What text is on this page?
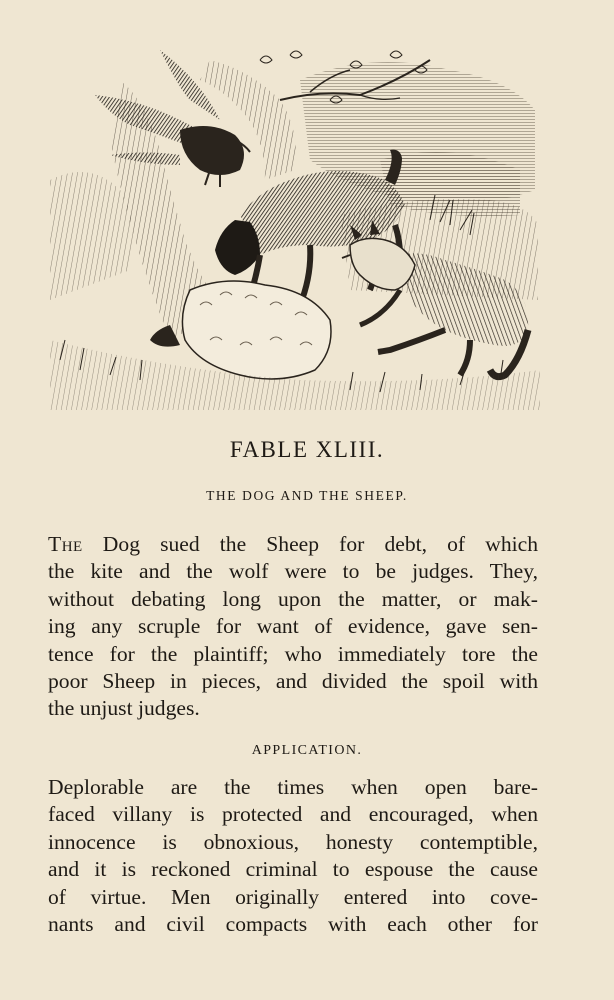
FABLE XLIII.
THE DOG AND THE SHEEP.
The Dog sued the Sheep for debt, of which
the kite and the wolf were to be judges. They,
without debating long upon the matter, or mak-
ing any scruple for want of evidence, gave sen-
tence for the plaintiff; who immediately tore the
poor Sheep in pieces, and divided the spoil with
the unjust judges.
APPLICATION.
Deplorable are the times when open bare-
faced villany is protected and encouraged, when
innocence is obnoxious, honesty contemptible,
and it is reckoned criminal to espouse the cause
of virtue. Men originally entered into cove-
nants and civil compacts with each other for
